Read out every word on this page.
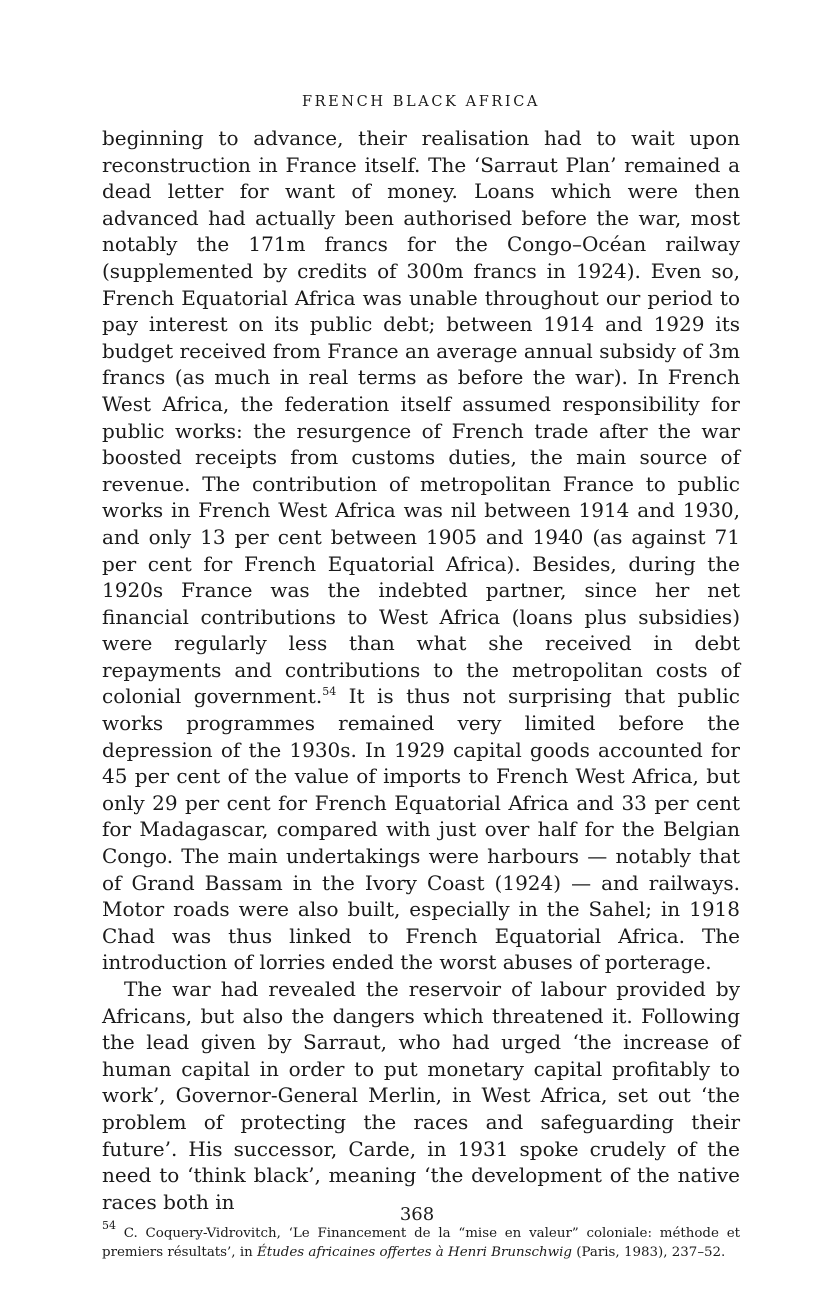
FRENCH BLACK AFRICA

beginning to advance, their realisation had to wait upon reconstruction in France itself. The ‘Sarraut Plan’ remained a dead letter for want of money. Loans which were then advanced had actually been authorised before the war, most notably the 171m francs for the Congo–Océan railway (supplemented by credits of 300m francs in 1924). Even so, French Equatorial Africa was unable throughout our period to pay interest on its public debt; between 1914 and 1929 its budget received from France an average annual subsidy of 3m francs (as much in real terms as before the war). In French West Africa, the federation itself assumed responsibility for public works: the resurgence of French trade after the war boosted receipts from customs duties, the main source of revenue. The contribution of metropolitan France to public works in French West Africa was nil between 1914 and 1930, and only 13 per cent between 1905 and 1940 (as against 71 per cent for French Equatorial Africa). Besides, during the 1920s France was the indebted partner, since her net financial contributions to West Africa (loans plus subsidies) were regularly less than what she received in debt repayments and contributions to the metropolitan costs of colonial government.$^{54}$ It is thus not surprising that public works programmes remained very limited before the depression of the 1930s. In 1929 capital goods accounted for 45 per cent of the value of imports to French West Africa, but only 29 per cent for French Equatorial Africa and 33 per cent for Madagascar, compared with just over half for the Belgian Congo. The main undertakings were harbours — notably that of Grand Bassam in the Ivory Coast (1924) — and railways. Motor roads were also built, especially in the Sahel; in 1918 Chad was thus linked to French Equatorial Africa. The introduction of lorries ended the worst abuses of porterage.

The war had revealed the reservoir of labour provided by Africans, but also the dangers which threatened it. Following the lead given by Sarraut, who had urged ‘the increase of human capital in order to put monetary capital profitably to work’, Governor-General Merlin, in West Africa, set out ‘the problem of protecting the races and safeguarding their future’. His successor, Carde, in 1931 spoke crudely of the need to ‘think black’, meaning ‘the development of the native races both in

$^{54}$ C. Coquery-Vidrovitch, ‘Le Financement de la “mise en valeur” coloniale: méthode et premiers résultats’, in Études africaines offertes à Henri Brunschwig (Paris, 1983), 237–52.

368
